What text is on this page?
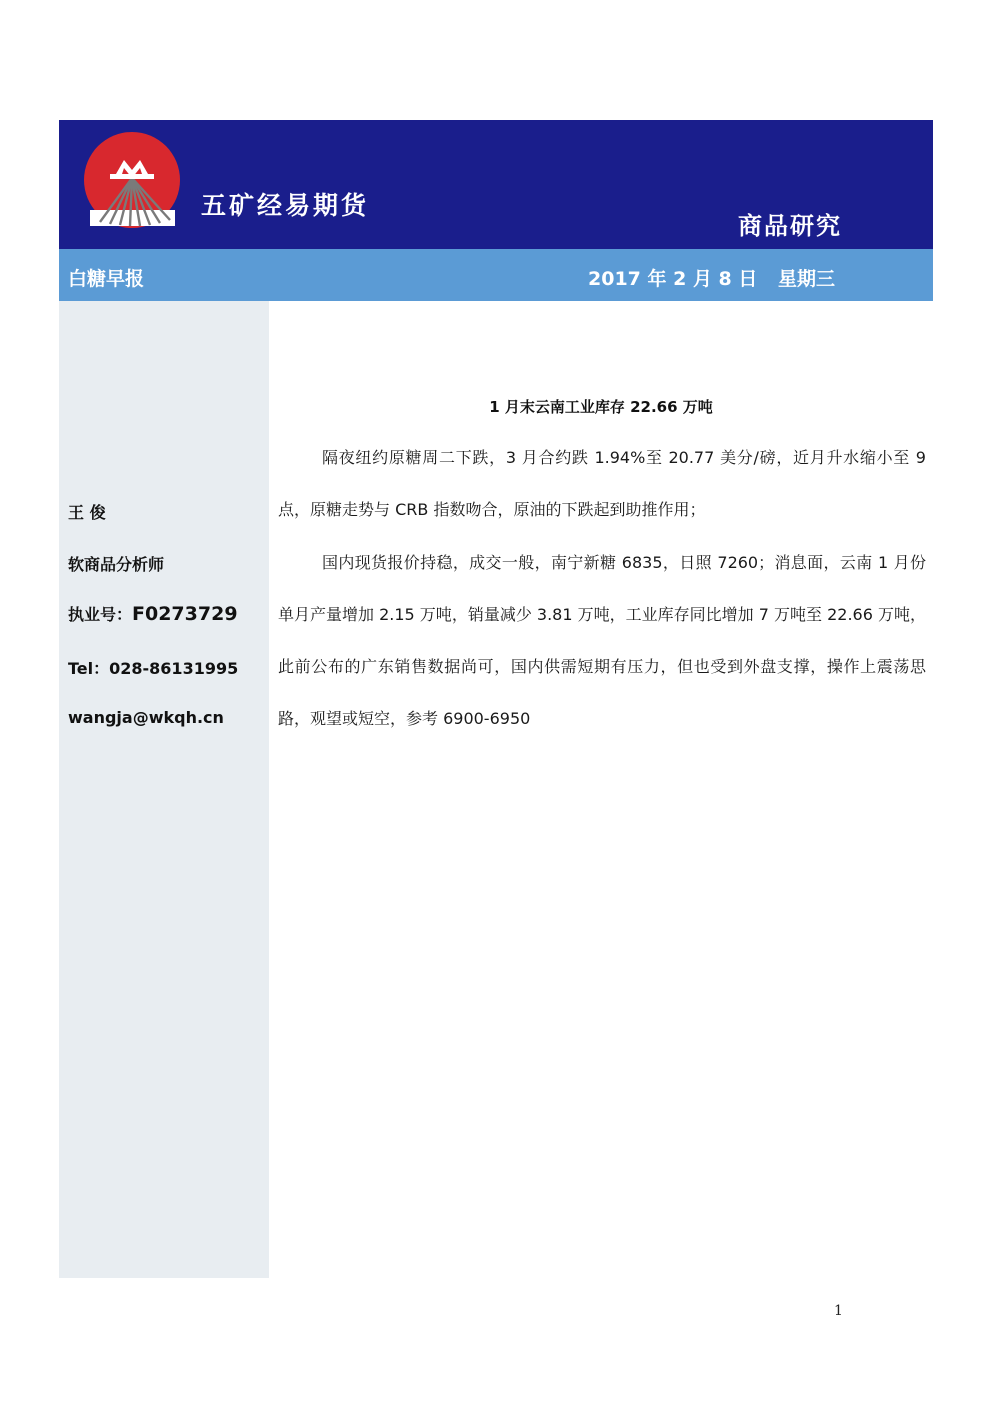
五矿经易期货
商品研究
白糖早报	2017 年 2 月 8 日 星期三
王 俊
软商品分析师
执业号：F0273729
Tel：028-86131995
wangja@wkqh.cn
1 月末云南工业库存 22.66 万吨

隔夜纽约原糖周二下跌，3 月合约跌 1.94%至 20.77 美分/磅，近月升水缩小至 9 点，原糖走势与 CRB 指数吻合，原油的下跌起到助推作用；

国内现货报价持稳，成交一般，南宁新糖 6835，日照 7260；消息面，云南 1 月份单月产量增加 2.15 万吨，销量减少 3.81 万吨，工业库存同比增加 7 万吨至 22.66 万吨，此前公布的广东销售数据尚可，国内供需短期有压力，但也受到外盘支撑，操作上震荡思路，观望或短空，参考 6900-6950

1
